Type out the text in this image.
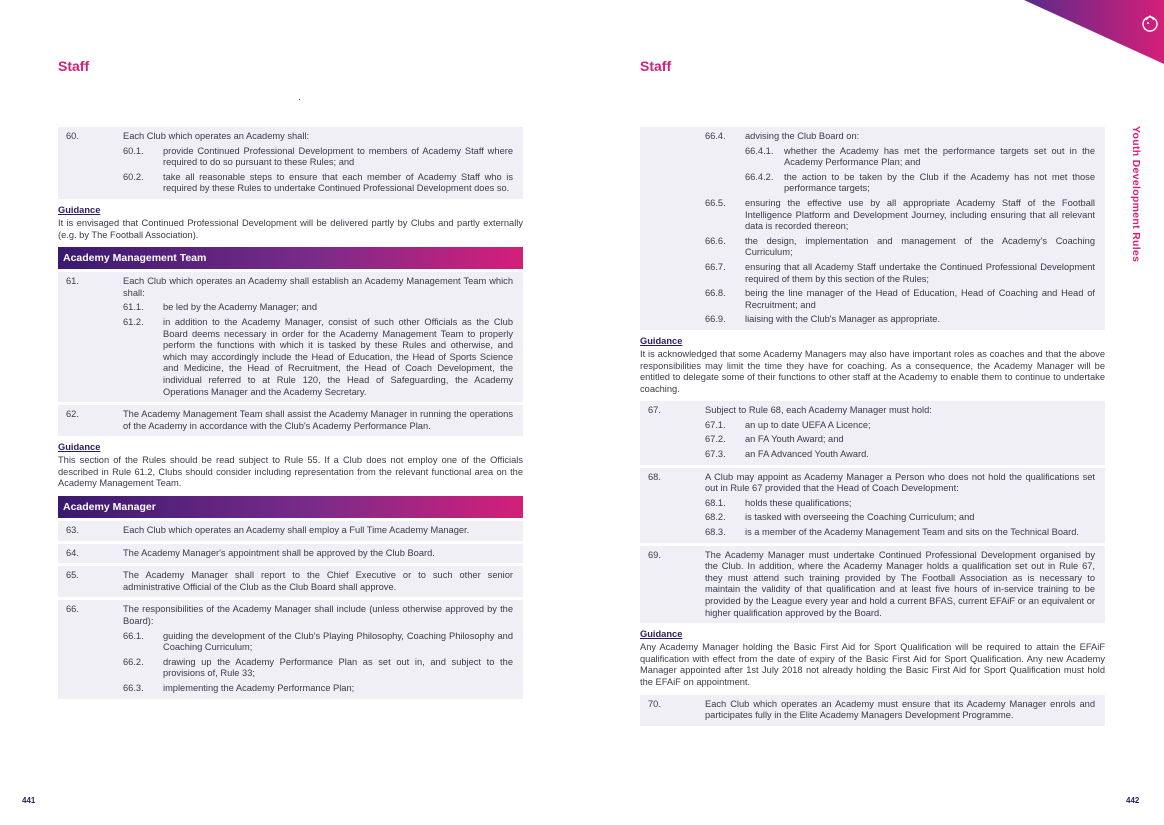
Staff	Staff
60.	Each Club which operates an Academy shall:
60.1.	provide Continued Professional Development to members of Academy Staff where required to do so pursuant to these Rules; and
60.2.	take all reasonable steps to ensure that each member of Academy Staff who is required by these Rules to undertake Continued Professional Development does so.
Guidance
It is envisaged that Continued Professional Development will be delivered partly by Clubs and partly externally (e.g. by The Football Association).
Academy Management Team
61.	Each Club which operates an Academy shall establish an Academy Management Team which shall:
61.1.	be led by the Academy Manager; and
61.2.	in addition to the Academy Manager, consist of such other Officials as the Club Board deems necessary in order for the Academy Management Team to properly perform the functions with which it is tasked by these Rules and otherwise, and which may accordingly include the Head of Education, the Head of Sports Science and Medicine, the Head of Recruitment, the Head of Coach Development, the individual referred to at Rule 120, the Head of Safeguarding, the Academy Operations Manager and the Academy Secretary.
62.	The Academy Management Team shall assist the Academy Manager in running the operations of the Academy in accordance with the Club's Academy Performance Plan.
Guidance
This section of the Rules should be read subject to Rule 55. If a Club does not employ one of the Officials described in Rule 61.2, Clubs should consider including representation from the relevant functional area on the Academy Management Team.
Academy Manager
63.	Each Club which operates an Academy shall employ a Full Time Academy Manager.
64.	The Academy Manager's appointment shall be approved by the Club Board.
65.	The Academy Manager shall report to the Chief Executive or to such other senior administrative Official of the Club as the Club Board shall approve.
66.	The responsibilities of the Academy Manager shall include (unless otherwise approved by the Board):
66.1.	guiding the development of the Club's Playing Philosophy, Coaching Philosophy and Coaching Curriculum;
66.2.	drawing up the Academy Performance Plan as set out in, and subject to the provisions of, Rule 33;
66.3.	implementing the Academy Performance Plan;
66.4.	advising the Club Board on:
66.4.1.	whether the Academy has met the performance targets set out in the Academy Performance Plan; and
66.4.2.	the action to be taken by the Club if the Academy has not met those performance targets;
66.5.	ensuring the effective use by all appropriate Academy Staff of the Football Intelligence Platform and Development Journey, including ensuring that all relevant data is recorded thereon;
66.6.	the design, implementation and management of the Academy's Coaching Curriculum;
66.7.	ensuring that all Academy Staff undertake the Continued Professional Development required of them by this section of the Rules;
66.8.	being the line manager of the Head of Education, Head of Coaching and Head of Recruitment; and
66.9.	liaising with the Club's Manager as appropriate.
Guidance
It is acknowledged that some Academy Managers may also have important roles as coaches and that the above responsibilities may limit the time they have for coaching. As a consequence, the Academy Manager will be entitled to delegate some of their functions to other staff at the Academy to enable them to continue to undertake coaching.
67.	Subject to Rule 68, each Academy Manager must hold:
67.1.	an up to date UEFA A Licence;
67.2.	an FA Youth Award; and
67.3.	an FA Advanced Youth Award.
68.	A Club may appoint as Academy Manager a Person who does not hold the qualifications set out in Rule 67 provided that the Head of Coach Development:
68.1.	holds these qualifications;
68.2.	is tasked with overseeing the Coaching Curriculum; and
68.3.	is a member of the Academy Management Team and sits on the Technical Board.
69.	The Academy Manager must undertake Continued Professional Development organised by the Club. In addition, where the Academy Manager holds a qualification set out in Rule 67, they must attend such training provided by The Football Association as is necessary to maintain the validity of that qualification and at least five hours of in-service training to be provided by the League every year and hold a current BFAS, current EFAiF or an equivalent or higher qualification approved by the Board.
Guidance
Any Academy Manager holding the Basic First Aid for Sport Qualification will be required to attain the EFAiF qualification with effect from the date of expiry of the Basic First Aid for Sport Qualification. Any new Academy Manager appointed after 1st July 2018 not already holding the Basic First Aid for Sport Qualification must hold the EFAiF on appointment.
70.	Each Club which operates an Academy must ensure that its Academy Manager enrols and participates fully in the Elite Academy Managers Development Programme.
Youth Development Rules
441	442
